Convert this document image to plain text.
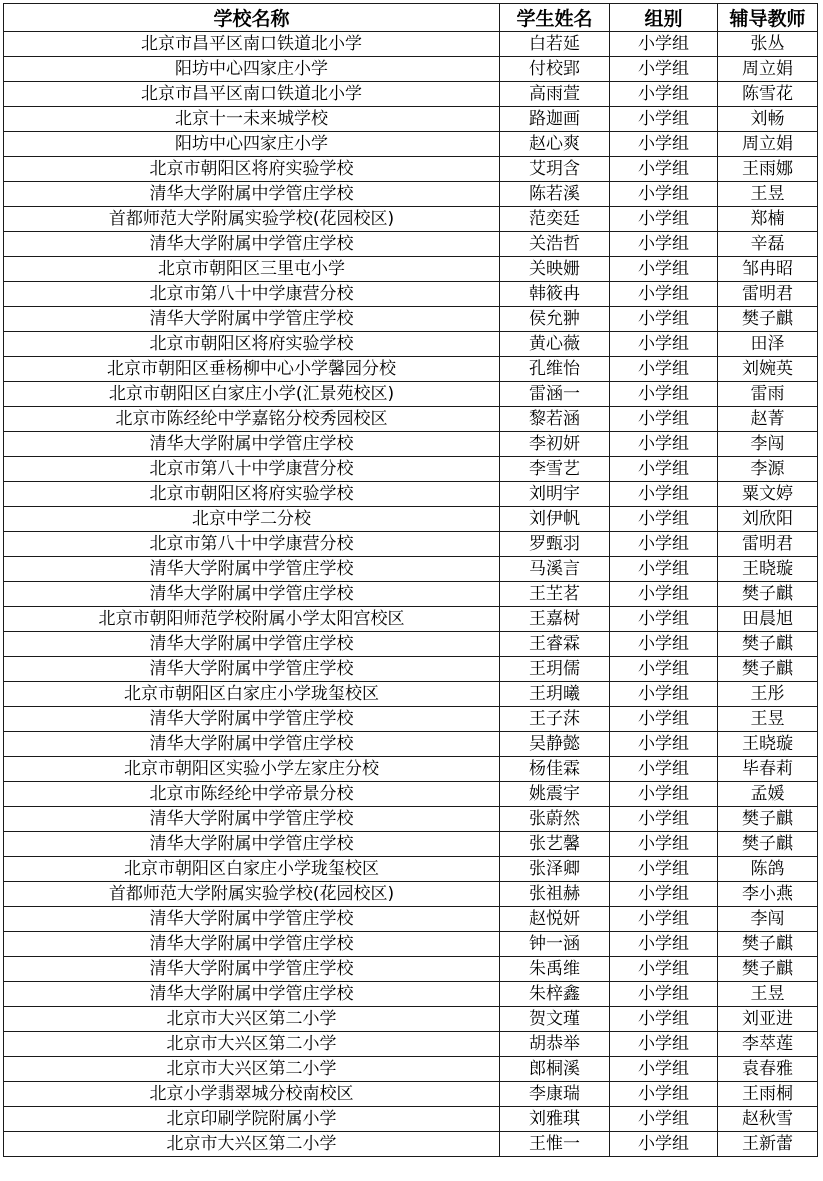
学校名称	学生姓名	组别	辅导教师
北京市昌平区南口铁道北小学	白若延	小学组	张丛
阳坊中心四家庄小学	付校郢	小学组	周立娟
北京市昌平区南口铁道北小学	高雨萱	小学组	陈雪花
北京十一未来城学校	路迦画	小学组	刘畅
阳坊中心四家庄小学	赵心爽	小学组	周立娟
北京市朝阳区将府实验学校	艾玥含	小学组	王雨娜
清华大学附属中学管庄学校	陈若溪	小学组	王昱
首都师范大学附属实验学校(花园校区)	范奕廷	小学组	郑楠
清华大学附属中学管庄学校	关浩哲	小学组	辛磊
北京市朝阳区三里屯小学	关映姗	小学组	邹冉昭
北京市第八十中学康营分校	韩筱冉	小学组	雷明君
清华大学附属中学管庄学校	侯允翀	小学组	樊子麒
北京市朝阳区将府实验学校	黄心薇	小学组	田泽
北京市朝阳区垂杨柳中心小学馨园分校	孔维怡	小学组	刘婉英
北京市朝阳区白家庄小学(汇景苑校区)	雷涵一	小学组	雷雨
北京市陈经纶中学嘉铭分校秀园校区	黎若涵	小学组	赵菁
清华大学附属中学管庄学校	李初妍	小学组	李闯
北京市第八十中学康营分校	李雪艺	小学组	李源
北京市朝阳区将府实验学校	刘明宇	小学组	粟文婷
北京中学二分校	刘伊帆	小学组	刘欣阳
北京市第八十中学康营分校	罗甄羽	小学组	雷明君
清华大学附属中学管庄学校	马溪言	小学组	王晓璇
清华大学附属中学管庄学校	王芏茗	小学组	樊子麒
北京市朝阳师范学校附属小学太阳宫校区	王嘉树	小学组	田晨旭
清华大学附属中学管庄学校	王睿霖	小学组	樊子麒
清华大学附属中学管庄学校	王玥儒	小学组	樊子麒
北京市朝阳区白家庄小学珑玺校区	王玥曦	小学组	王彤
清华大学附属中学管庄学校	王子莯	小学组	王昱
清华大学附属中学管庄学校	吴静懿	小学组	王晓璇
北京市朝阳区实验小学左家庄分校	杨佳霖	小学组	毕春莉
北京市陈经纶中学帝景分校	姚震宇	小学组	孟媛
清华大学附属中学管庄学校	张蔚然	小学组	樊子麒
清华大学附属中学管庄学校	张艺馨	小学组	樊子麒
北京市朝阳区白家庄小学珑玺校区	张泽卿	小学组	陈鸽
首都师范大学附属实验学校(花园校区)	张祖赫	小学组	李小燕
清华大学附属中学管庄学校	赵悦妍	小学组	李闯
清华大学附属中学管庄学校	钟一涵	小学组	樊子麒
清华大学附属中学管庄学校	朱禹维	小学组	樊子麒
清华大学附属中学管庄学校	朱梓鑫	小学组	王昱
北京市大兴区第二小学	贺文瑾	小学组	刘亚进
北京市大兴区第二小学	胡恭举	小学组	李萃莲
北京市大兴区第二小学	郎桐溪	小学组	袁春雅
北京小学翡翠城分校南校区	李康瑞	小学组	王雨桐
北京印刷学院附属小学	刘雅琪	小学组	赵秋雪
北京市大兴区第二小学	王惟一	小学组	王新蕾
